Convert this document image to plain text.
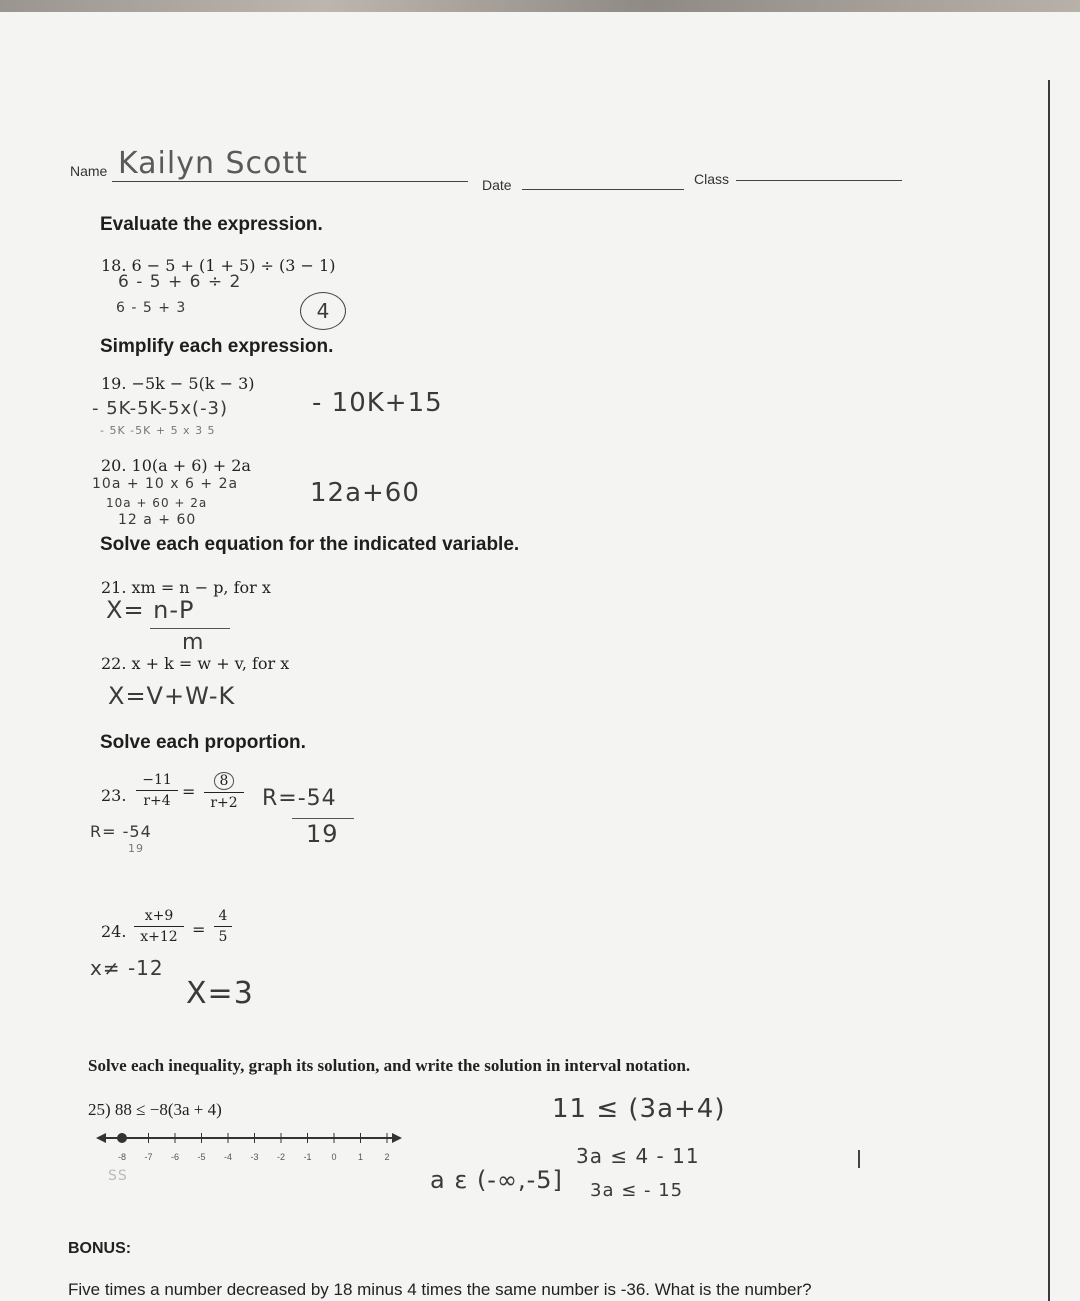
Name Kailyn Scott
Date	Class
Evaluate the expression.
18. 6 − 5 + (1 + 5) ÷ (3 − 1)
6 - 5 + 6 ÷ 2
6 - 5 + 3	4
Simplify each expression.
19. −5k − 5(k − 3)
- 5K-5K-5x(-3)
- 5K -5K + 5 x 3 5
- 10K+15
20. 10(a + 6) + 2a
10a + 10 x 6 + 2a
10a + 60 + 2a
12 a + 60
12a+60
Solve each equation for the indicated variable.
21. xm = n − p, for x
X= n-P
m
22. x + k = w + v, for x
X=V+W-K
Solve each proportion.
23.
−11
$r+4 = \frac{8}{r+2}$
R= -54
19
R=-54
19
24.
x+9
x+12 =
4
5
x≠ -12
X=3
Solve each inequality, graph its solution, and write the solution in interval notation.
25) 88 ≤ −8(3a + 4)
-8 -7 -6 -5 -4 -3 -2 -1 0 1 2
SS
11 ≤ (3a+4)
3a ≤ 4 - 11
3a ≤ - 15
a ε (-∞,-5]
BONUS:
Five times a number decreased by 18 minus 4 times the same number is -36. What is the number?
